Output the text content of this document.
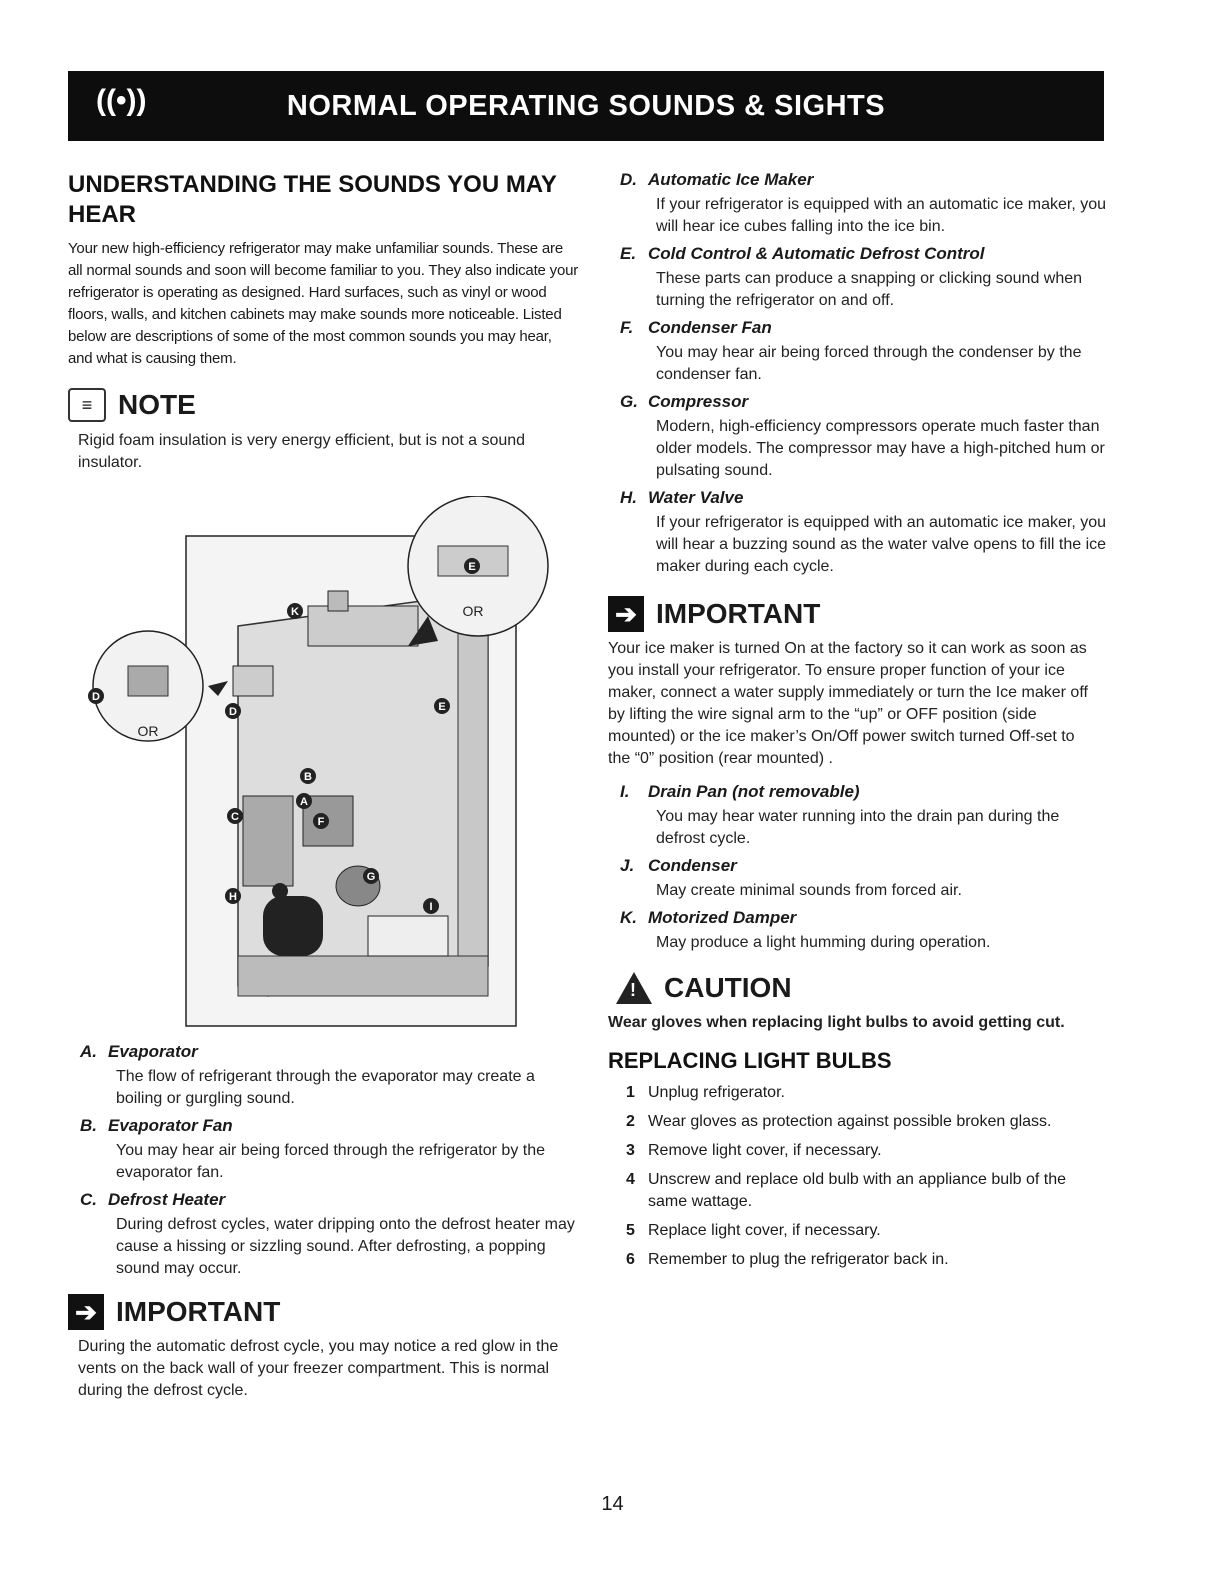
((•))	NORMAL OPERATING SOUNDS & SIGHTS
UNDERSTANDING THE SOUNDS YOU MAY HEAR
Your new high-efficiency refrigerator may make unfamiliar sounds. These are all normal sounds and soon will become familiar to you. They also indicate your refrigerator is operating as designed. Hard surfaces, such as vinyl or wood floors, walls, and kitchen cabinets may make sounds more noticeable. Listed below are descriptions of some of the most common sounds you may hear, and what is causing them.
≡ NOTE
Rigid foam insulation is very energy efficient, but is not a sound insulator.
D
D
K
E
E
B
A
C	F
G
H
I
OR
OR
A. Evaporator
The flow of refrigerant through the evaporator may create a boiling or gurgling sound.
B. Evaporator Fan
You may hear air being forced through the refrigerator by the evaporator fan.
C. Defrost Heater
During defrost cycles, water dripping onto the defrost heater may cause a hissing or sizzling sound. After defrosting, a popping sound may occur.
➔ IMPORTANT
During the automatic defrost cycle, you may notice a red glow in the vents on the back wall of your freezer compartment. This is normal during the defrost cycle.
D. Automatic Ice Maker
If your refrigerator is equipped with an automatic ice maker, you will hear ice cubes falling into the ice bin.
E. Cold Control & Automatic Defrost Control
These parts can produce a snapping or clicking sound when turning the refrigerator on and off.
F. Condenser Fan
You may hear air being forced through the condenser by the condenser fan.
G. Compressor
Modern, high-efficiency compressors operate much faster than older models. The compressor may have a high-pitched hum or pulsating sound.
H. Water Valve
If your refrigerator is equipped with an automatic ice maker, you will hear a buzzing sound as the water valve opens to fill the ice maker during each cycle.
➔ IMPORTANT
Your ice maker is turned On at the factory so it can work as soon as you install your refrigerator. To ensure proper function of your ice maker, connect a water supply immediately or turn the Ice maker off by lifting the wire signal arm to the “up” or OFF position (side mounted) or the ice maker’s On/Off power switch turned Off-set to the “0” position (rear mounted) .
I.	Drain Pan (not removable)
You may hear water running into the drain pan during the defrost cycle.
J. Condenser
May create minimal sounds from forced air.
K. Motorized Damper
May produce a light humming during operation.
! CAUTION
Wear gloves when replacing light bulbs to avoid getting cut.
REPLACING LIGHT BULBS
1 Unplug refrigerator.
2 Wear gloves as protection against possible broken glass.
3 Remove light cover, if necessary.
4 Unscrew and replace old bulb with an appliance bulb of the same wattage.
5 Replace light cover, if necessary.
6 Remember to plug the refrigerator back in.
14
